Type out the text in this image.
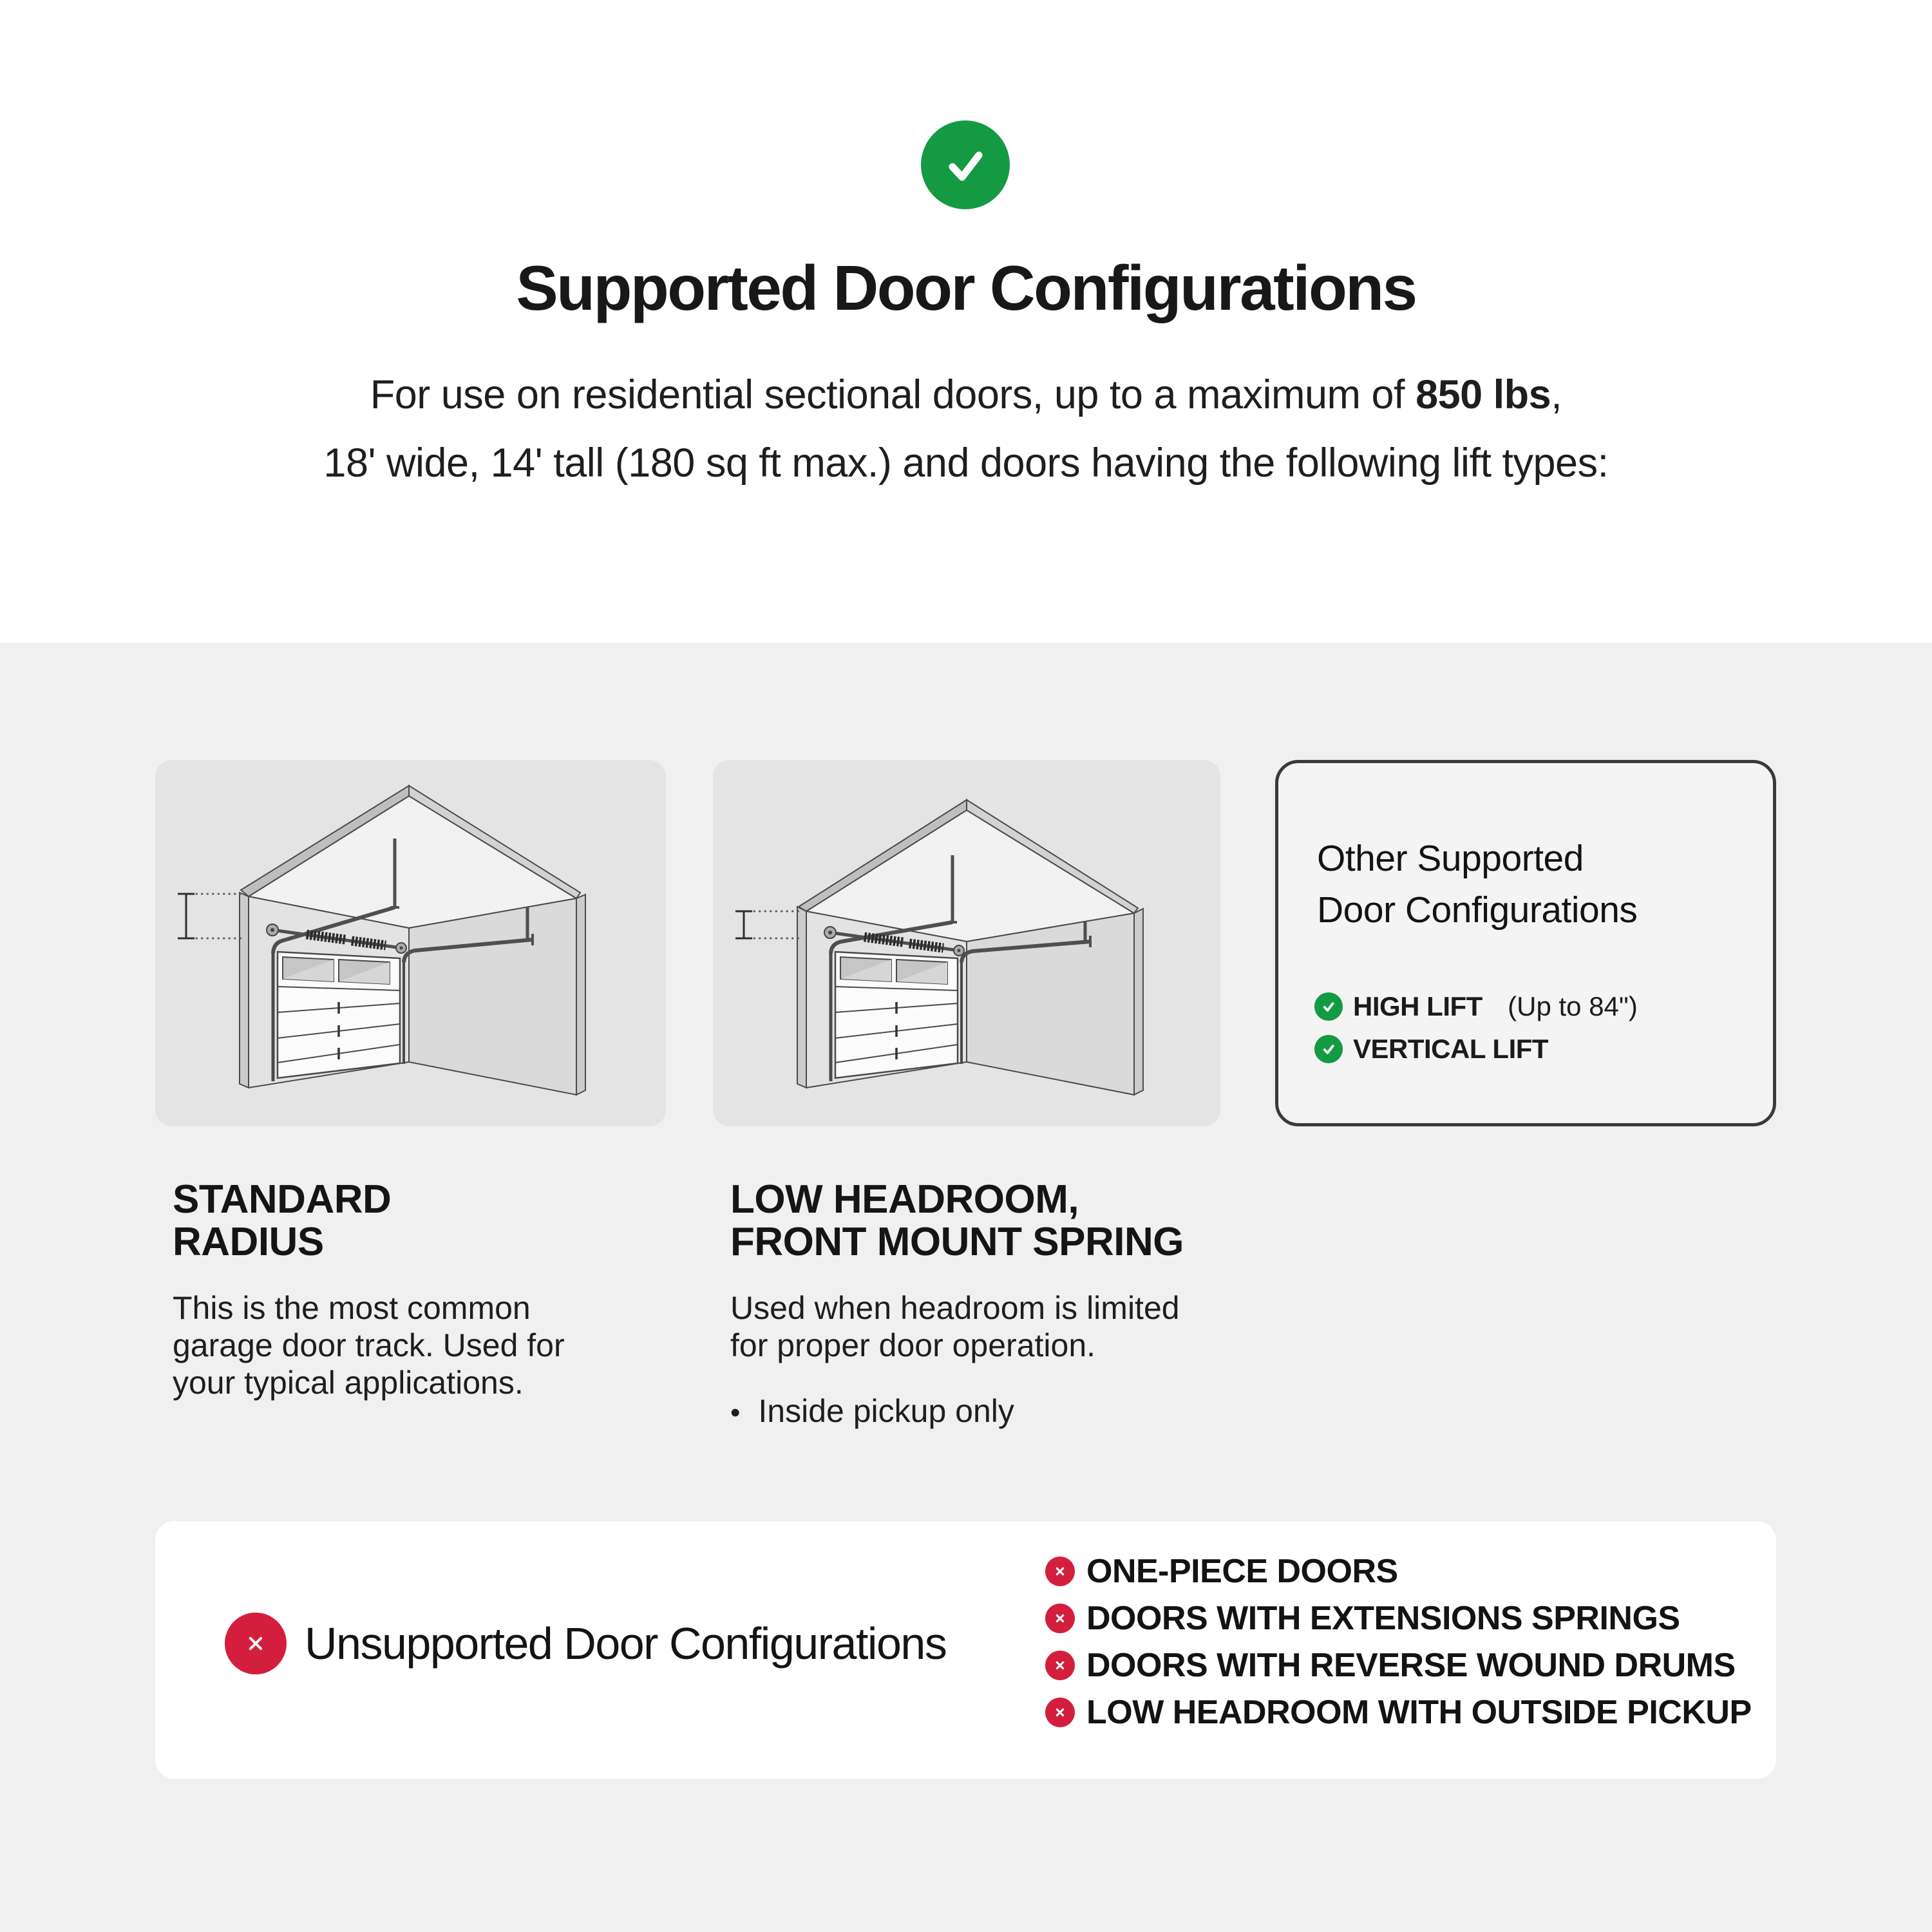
Supported Door Configurations

For use on residential sectional doors, up to a maximum of 850 lbs,
18' wide, 14' tall (180 sq ft max.) and doors having the following lift types:

Other Supported
Door Configurations
HIGH LIFT (Up to 84")
VERTICAL LIFT
STANDARD
RADIUS
This is the most common
garage door track. Used for
your typical applications.
LOW HEADROOM,
FRONT MOUNT SPRING
Used when headroom is limited
for proper door operation.
• Inside pickup only
Unsupported Door Configurations
ONE-PIECE DOORS
DOORS WITH EXTENSIONS SPRINGS
DOORS WITH REVERSE WOUND DRUMS
LOW HEADROOM WITH OUTSIDE PICKUP
